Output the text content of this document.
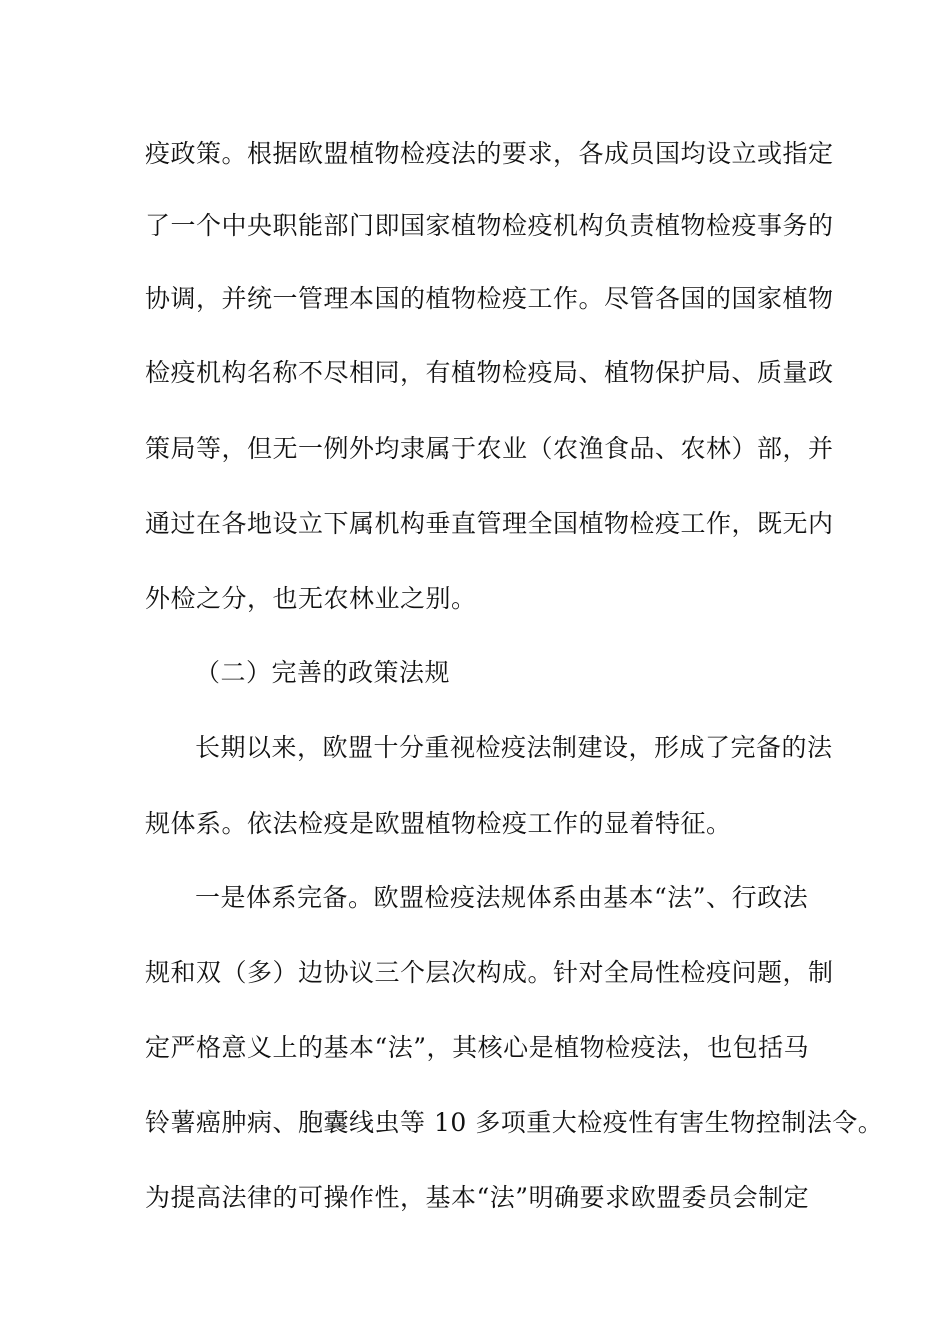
疫政策。根据欧盟植物检疫法的要求，各成员国均设立或指定
了一个中央职能部门即国家植物检疫机构负责植物检疫事务的
协调，并统一管理本国的植物检疫工作。尽管各国的国家植物
检疫机构名称不尽相同，有植物检疫局、植物保护局、质量政
策局等，但无一例外均隶属于农业（农渔食品、农林）部，并
通过在各地设立下属机构垂直管理全国植物检疫工作，既无内
外检之分，也无农林业之别。
（二）完善的政策法规
长期以来，欧盟十分重视检疫法制建设，形成了完备的法
规体系。依法检疫是欧盟植物检疫工作的显着特征。
一是体系完备。欧盟检疫法规体系由基本“法”、行政法
规和双（多）边协议三个层次构成。针对全局性检疫问题，制
定严格意义上的基本“法”，其核心是植物检疫法，也包括马
铃薯癌肿病、胞囊线虫等 10 多项重大检疫性有害生物控制法令。
为提高法律的可操作性，基本“法”明确要求欧盟委员会制定
